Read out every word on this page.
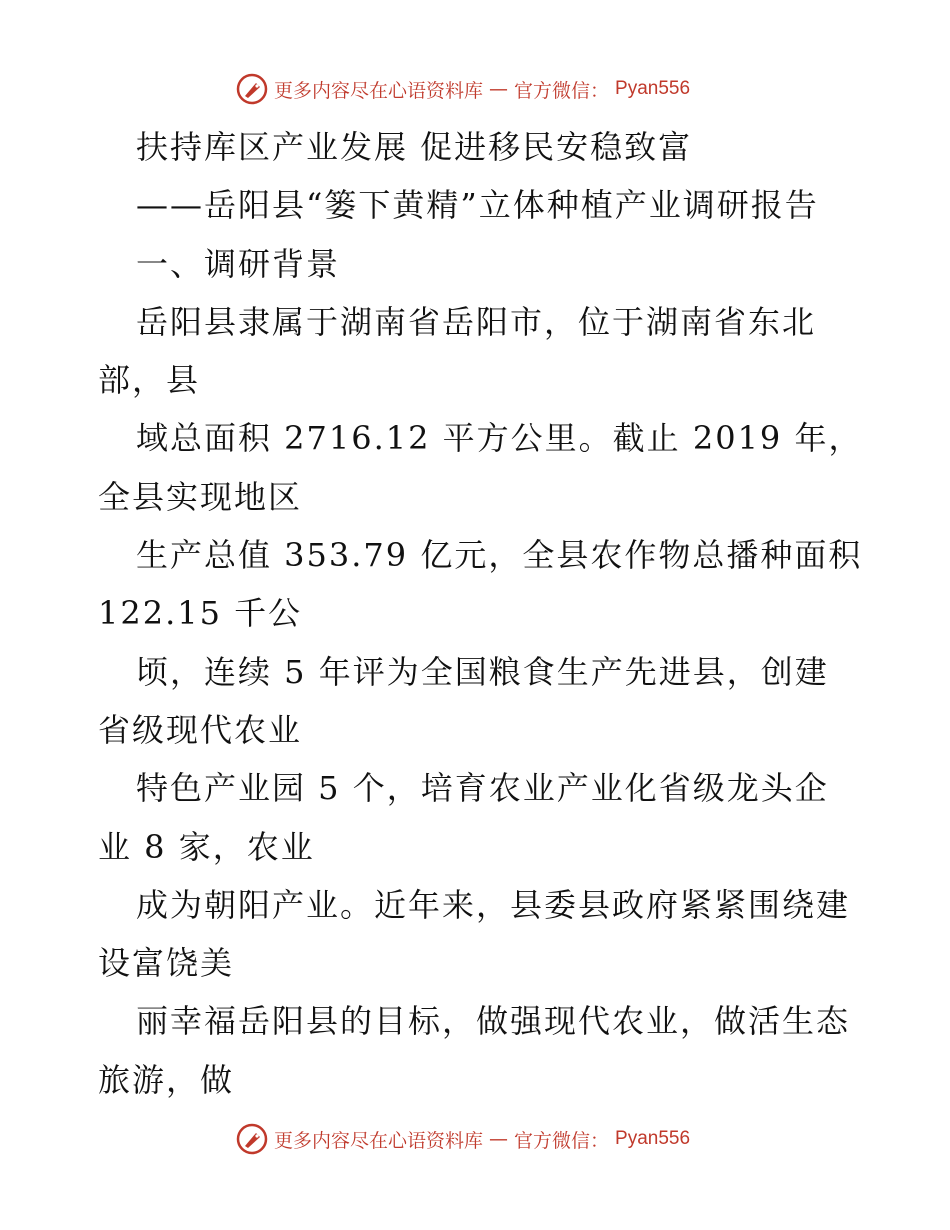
更多内容尽在心语资料库 — 官方微信： Pyan556
扶持库区产业发展 促进移民安稳致富
——岳阳县“篓下黄精”立体种植产业调研报告
一、调研背景
岳阳县隶属于湖南省岳阳市，位于湖南省东北
部，县
域总面积 2716.12 平方公里。截止 2019 年，
全县实现地区
生产总值 353.79 亿元，全县农作物总播种面积
122.15 千公
顷，连续 5 年评为全国粮食生产先进县，创建
省级现代农业
特色产业园 5 个，培育农业产业化省级龙头企
业 8 家，农业
成为朝阳产业。近年来，县委县政府紧紧围绕建
设富饶美
丽幸福岳阳县的目标，做强现代农业，做活生态
旅游，做
更多内容尽在心语资料库 — 官方微信： Pyan556
